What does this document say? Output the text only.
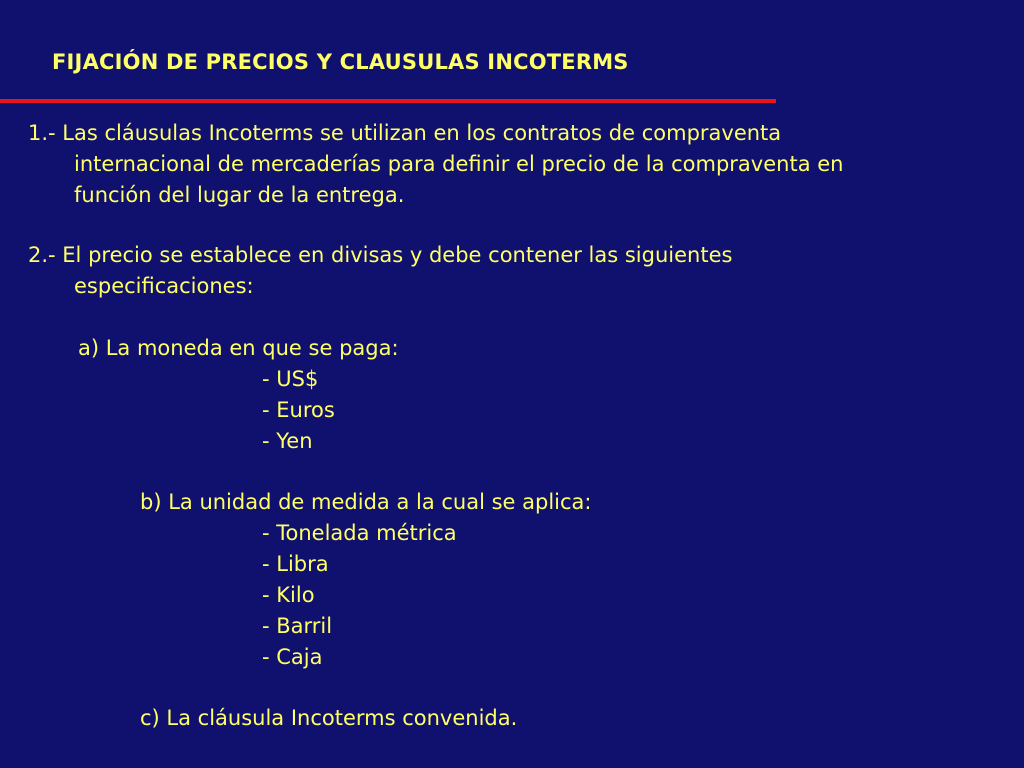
FIJACIÓN DE PRECIOS Y CLAUSULAS INCOTERMS
1.- Las cláusulas Incoterms se utilizan en los contratos de compraventa
internacional de mercaderías para definir el precio de la compraventa en
función del lugar de la entrega.
2.- El precio se establece en divisas y debe contener las siguientes
especificaciones:
a) La moneda en que se paga:
- US$
- Euros
- Yen
b) La unidad de medida a la cual se aplica:
- Tonelada métrica
- Libra
- Kilo
- Barril
- Caja
c) La cláusula Incoterms convenida.
